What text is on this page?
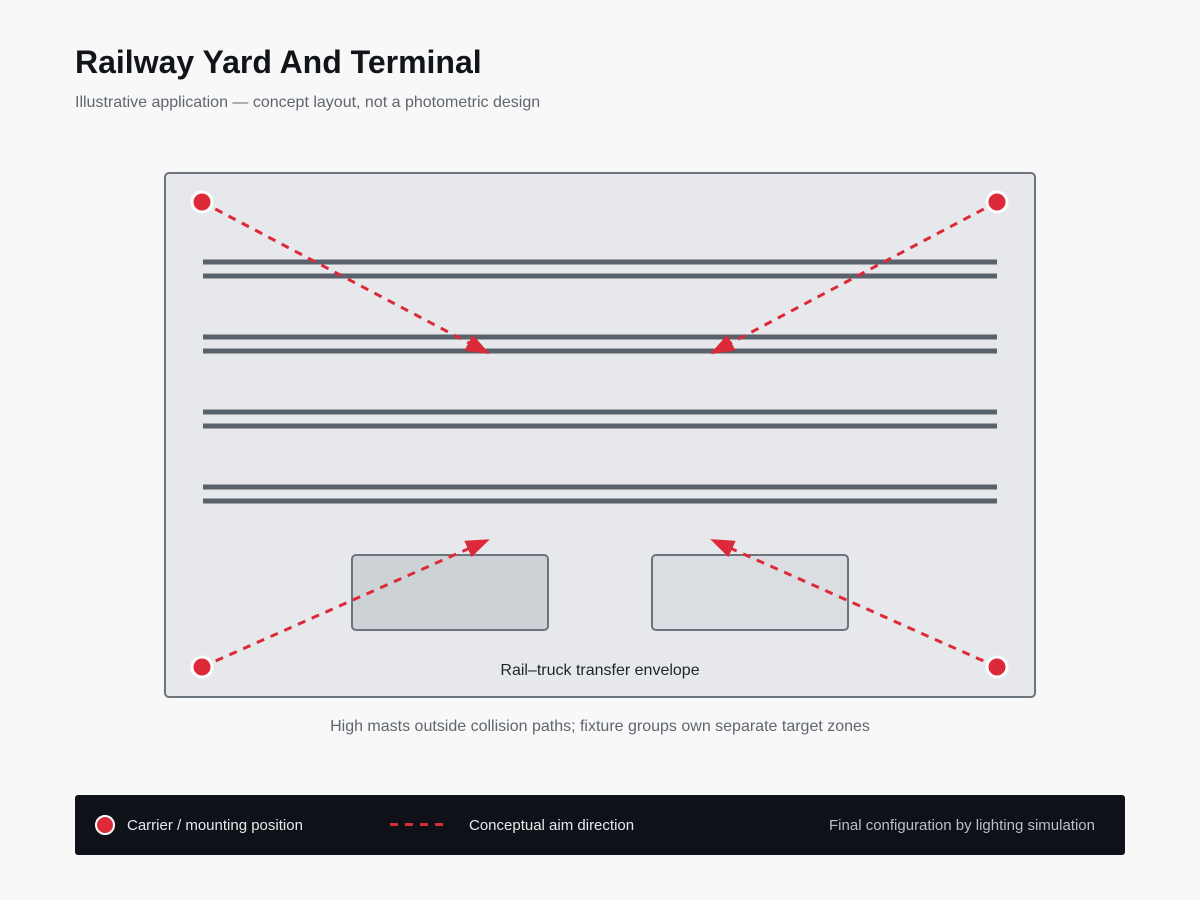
Railway Yard And Terminal
Illustrative application — concept layout, not a photometric design
Rail–truck transfer envelope
High masts outside collision paths; fixture groups own separate target zones
Carrier / mounting position	Conceptual aim direction	Final configuration by lighting simulation
